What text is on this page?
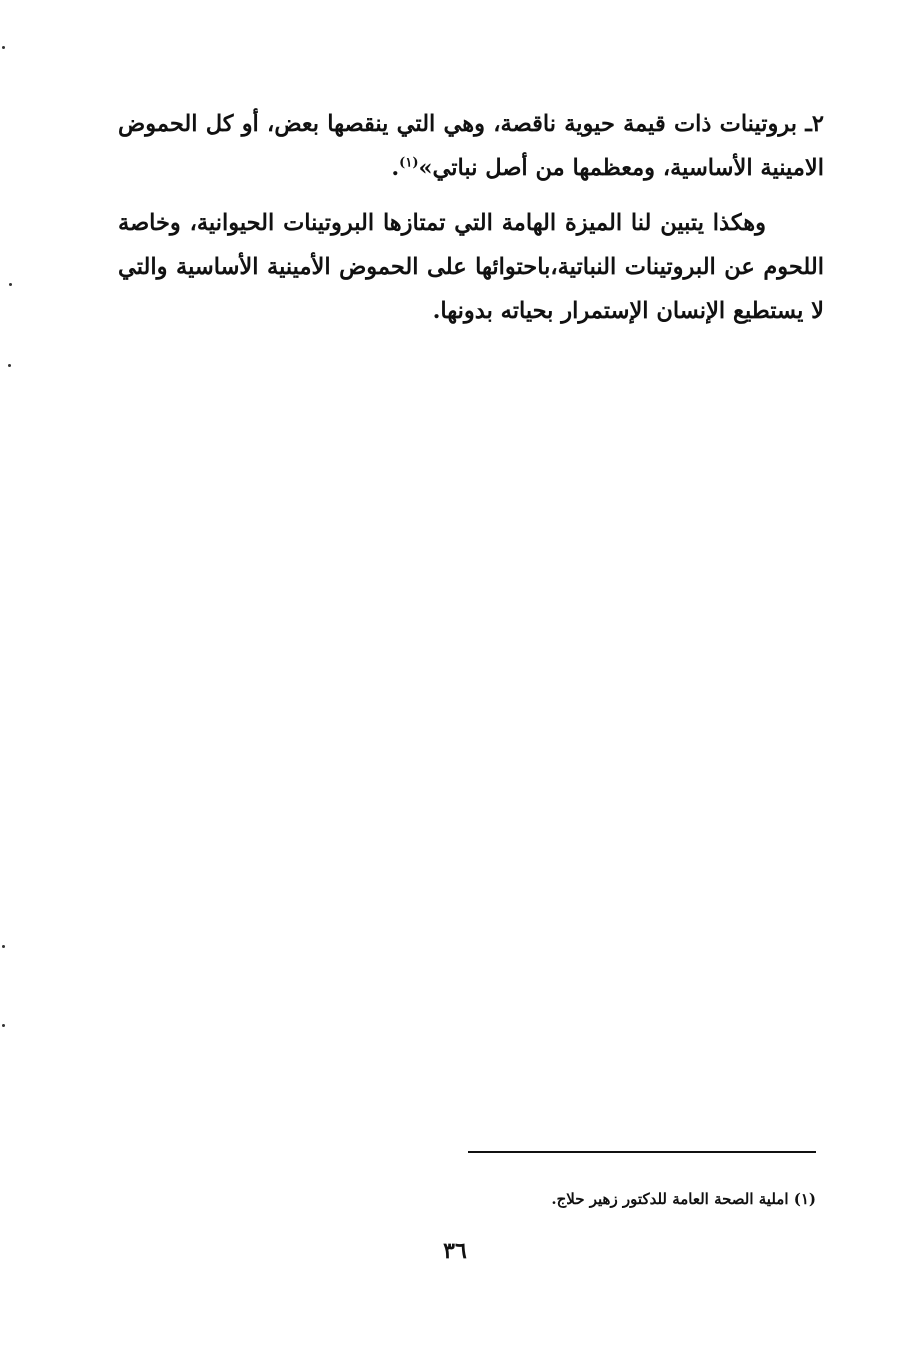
٢ـ بروتينات ذات قيمة حيوية ناقصة، وهي التي ينقصها بعض، أو كل الحموض الامينية الأساسية، ومعظمها من أصل نباتي»$^{(١)}$.

وهكذا يتبين لنا الميزة الهامة التي تمتازها البروتينات الحيوانية، وخاصة اللحوم عن البروتينات النباتية،باحتوائها على الحموض الأمينية الأساسية والتي لا يستطيع الإنسان الإستمرار بحياته بدونها.

(١) املية الصحة العامة للدكتور زهير حلاج.

٣٦
